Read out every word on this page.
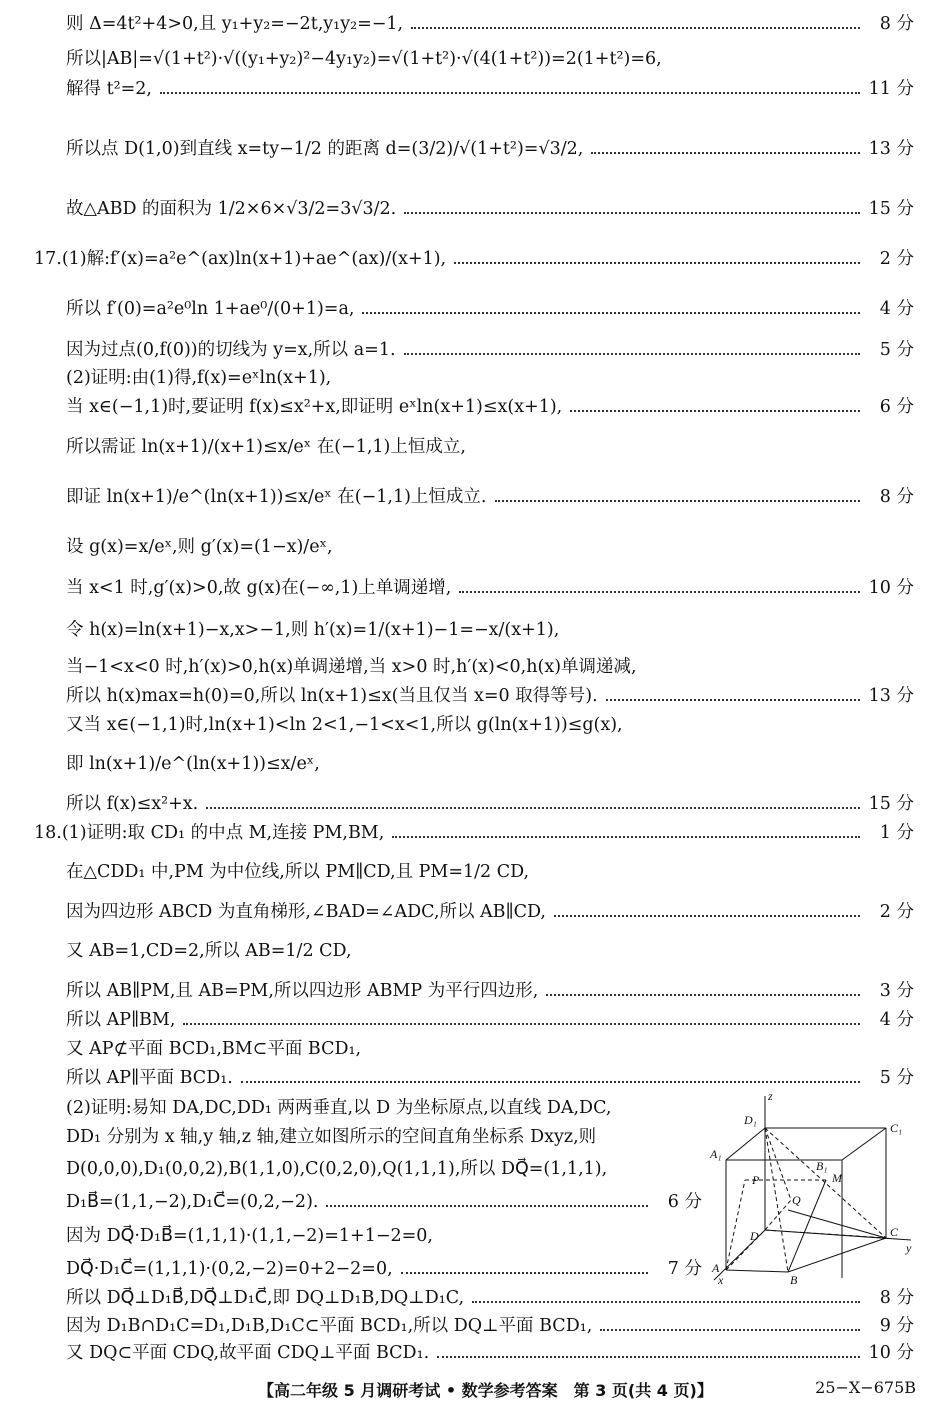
则 Δ=4t²+4>0,且 y₁+y₂=−2t,y₁y₂=−1,	8 分
所以|AB|=√(1+t²)·√((y₁+y₂)²−4y₁y₂)=√(1+t²)·√(4(1+t²))=2(1+t²)=6,
解得 t²=2,	11 分
所以点 D(1,0)到直线 x=ty−1/2 的距离 d=(3/2)/√(1+t²)=√3/2,	13 分
故△ABD 的面积为 1/2×6×√3/2=3√3/2.	15 分
17.(1)解:f′(x)=a²e^(ax)ln(x+1)+ae^(ax)/(x+1),	2 分
所以 f′(0)=a²e⁰ln 1+ae⁰/(0+1)=a,	4 分
因为过点(0,f(0))的切线为 y=x,所以 a=1.	5 分
(2)证明:由(1)得,f(x)=eˣln(x+1),
当 x∈(−1,1)时,要证明 f(x)≤x²+x,即证明 eˣln(x+1)≤x(x+1),	6 分
所以需证 ln(x+1)/(x+1)≤x/eˣ 在(−1,1)上恒成立,
即证 ln(x+1)/e^(ln(x+1))≤x/eˣ 在(−1,1)上恒成立.	8 分
设 g(x)=x/eˣ,则 g′(x)=(1−x)/eˣ,
当 x<1 时,g′(x)>0,故 g(x)在(−∞,1)上单调递增,	10 分
令 h(x)=ln(x+1)−x,x>−1,则 h′(x)=1/(x+1)−1=−x/(x+1),
当−1<x<0 时,h′(x)>0,h(x)单调递增,当 x>0 时,h′(x)<0,h(x)单调递减,
所以 h(x)max=h(0)=0,所以 ln(x+1)≤x(当且仅当 x=0 取得等号).	13 分
又当 x∈(−1,1)时,ln(x+1)<ln 2<1,−1<x<1,所以 g(ln(x+1))≤g(x),
即 ln(x+1)/e^(ln(x+1))≤x/eˣ,
所以 f(x)≤x²+x.	15 分
18.(1)证明:取 CD₁ 的中点 M,连接 PM,BM,	1 分
在△CDD₁ 中,PM 为中位线,所以 PM∥CD,且 PM=1/2 CD,
因为四边形 ABCD 为直角梯形,∠BAD=∠ADC,所以 AB∥CD,	2 分
又 AB=1,CD=2,所以 AB=1/2 CD,
所以 AB∥PM,且 AB=PM,所以四边形 ABMP 为平行四边形,	3 分
所以 AP∥BM,	4 分
又 AP⊄平面 BCD₁,BM⊂平面 BCD₁,
所以 AP∥平面 BCD₁.	5 分
(2)证明:易知 DA,DC,DD₁ 两两垂直,以 D 为坐标原点,以直线 DA,DC,
DD₁ 分别为 x 轴,y 轴,z 轴,建立如图所示的空间直角坐标系 Dxyz,则
D(0,0,0),D₁(0,0,2),B(1,1,0),C(0,2,0),Q(1,1,1),所以 DQ⃗=(1,1,1),
D₁B⃗=(1,1,−2),D₁C⃗=(0,2,−2).	6 分
因为 DQ⃗·D₁B⃗=(1,1,1)·(1,1,−2)=1+1−2=0,
DQ⃗·D₁C⃗=(1,1,1)·(0,2,−2)=0+2−2=0,	7 分
所以 DQ⃗⊥D₁B⃗,DQ⃗⊥D₁C⃗,即 DQ⊥D₁B,DQ⊥D₁C,	8 分
因为 D₁B∩D₁C=D₁,D₁B,D₁C⊂平面 BCD₁,所以 DQ⊥平面 BCD₁,	9 分
又 DQ⊂平面 CDQ,故平面 CDQ⊥平面 BCD₁.	10 分
z
y
x
D₁
C₁
A₁
B₁
P	M
Q
D	C
A
B
【高二年级 5 月调研考试 • 数学参考答案　第 3 页(共 4 页)】	25−X−675B
